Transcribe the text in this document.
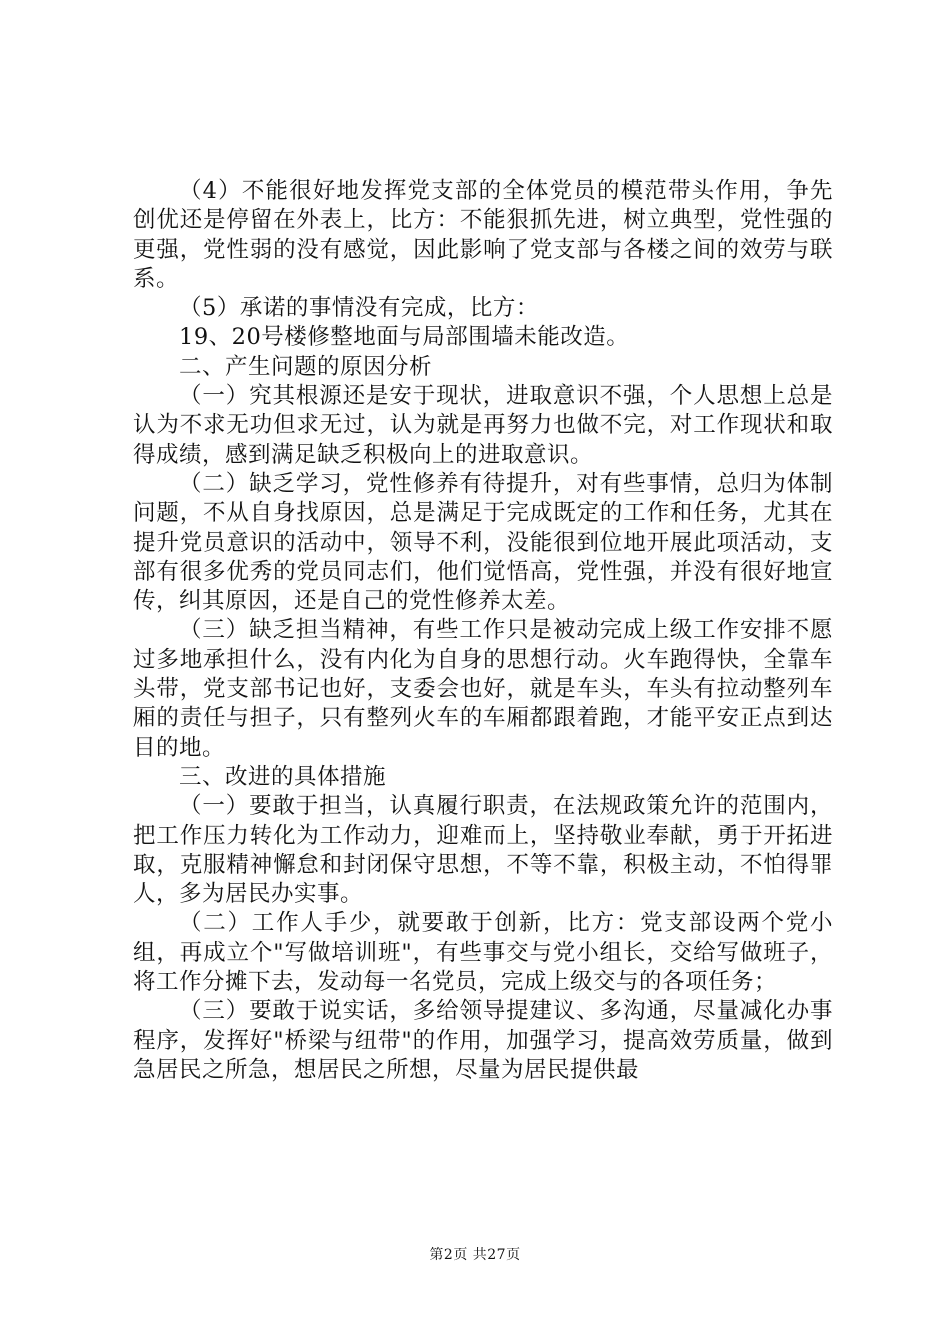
（4）不能很好地发挥党支部的全体党员的模范带头作用，争先创优还是停留在外表上，比方：不能狠抓先进，树立典型，党性强的更强，党性弱的没有感觉，因此影响了党支部与各楼之间的效劳与联系。

（5）承诺的事情没有完成，比方：

19、20号楼修整地面与局部围墙未能改造。

二、产生问题的原因分析

（一）究其根源还是安于现状，进取意识不强，个人思想上总是认为不求无功但求无过，认为就是再努力也做不完，对工作现状和取得成绩，感到满足缺乏积极向上的进取意识。

（二）缺乏学习，党性修养有待提升，对有些事情，总归为体制问题，不从自身找原因，总是满足于完成既定的工作和任务，尤其在提升党员意识的活动中，领导不利，没能很到位地开展此项活动，支部有很多优秀的党员同志们，他们觉悟高，党性强，并没有很好地宣传，纠其原因，还是自己的党性修养太差。

（三）缺乏担当精神，有些工作只是被动完成上级工作安排不愿过多地承担什么，没有内化为自身的思想行动。火车跑得快，全靠车头带，党支部书记也好，支委会也好，就是车头，车头有拉动整列车厢的责任与担子，只有整列火车的车厢都跟着跑，才能平安正点到达目的地。

三、改进的具体措施

（一）要敢于担当，认真履行职责，在法规政策允许的范围内，把工作压力转化为工作动力，迎难而上，坚持敬业奉献，勇于开拓进取，克服精神懈怠和封闭保守思想，不等不靠，积极主动，不怕得罪人，多为居民办实事。

（二）工作人手少，就要敢于创新，比方：党支部设两个党小组，再成立个"写做培训班"，有些事交与党小组长，交给写做班子，将工作分摊下去，发动每一名党员，完成上级交与的各项任务；

（三）要敢于说实话，多给领导提建议、多沟通，尽量减化办事程序，发挥好"桥梁与纽带"的作用，加强学习，提高效劳质量，做到急居民之所急，想居民之所想，尽量为居民提供最

第2页 共27页
